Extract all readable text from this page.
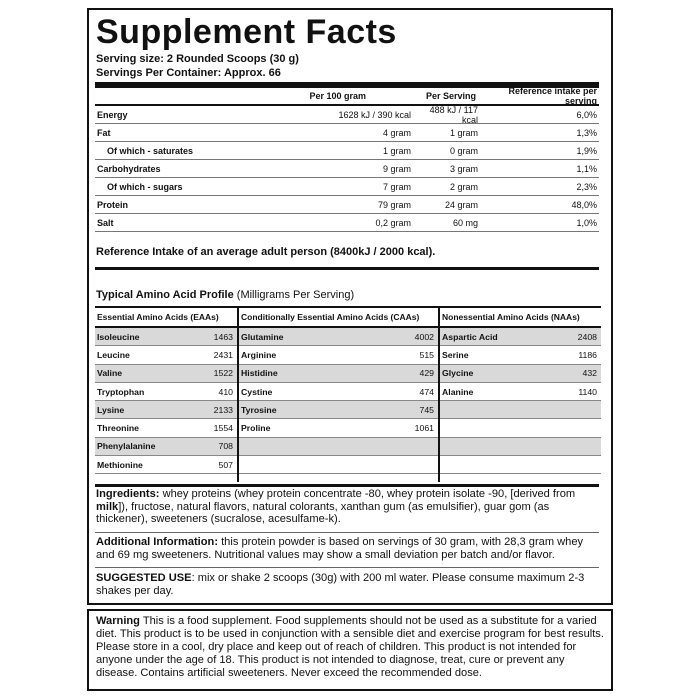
Supplement Facts
Serving size: 2 Rounded Scoops (30 g)
Servings Per Container: Approx. 66
Per 100 gram	Per Serving	Reference intake per serving
Energy	1628 kJ / 390 kcal	488 kJ / 117 kcal	6,0%
Fat	4 gram	1 gram	1,3%
Of which - saturates	1 gram	0 gram	1,9%
Carbohydrates	9 gram	3 gram	1,1%
Of which - sugars	7 gram	2 gram	2,3%
Protein	79 gram	24 gram	48,0%
Salt	0,2 gram	60 mg	1,0%
Reference Intake of an average adult person (8400kJ / 2000 kcal).
Typical Amino Acid Profile (Milligrams Per Serving)
Essential Amino Acids (EAAs)
Isoleucine	1463
Leucine	2431
Valine	1522
Tryptophan	410
Lysine	2133
Threonine	1554
Phenylalanine	708
Methionine	507
Conditionally Essential Amino Acids (CAAs)
Glutamine	4002
Arginine	515
Histidine	429
Cystine	474
Tyrosine	745
Proline	1061
Nonessential Amino Acids (NAAs)
Aspartic Acid	2408
Serine	1186
Glycine	432
Alanine	1140
Ingredients: whey proteins (whey protein concentrate -80, whey protein isolate -90, [derived from milk]), fructose, natural flavors, natural colorants, xanthan gum (as emulsifier), guar gom (as thickener), sweeteners (sucralose, acesulfame-k).
Additional Information: this protein powder is based on servings of 30 gram, with 28,3 gram whey and 69 mg sweeteners. Nutritional values may show a small deviation per batch and/or flavor.
SUGGESTED USE: mix or shake 2 scoops (30g) with 200 ml water. Please consume maximum 2-3 shakes per day.
Warning This is a food supplement. Food supplements should not be used as a substitute for a varied diet. This product is to be used in conjunction with a sensible diet and exercise program for best results. Please store in a cool, dry place and keep out of reach of children. This product is not intended for anyone under the age of 18. This product is not intended to diagnose, treat, cure or prevent any disease. Contains artificial sweeteners. Never exceed the recommended dose.
